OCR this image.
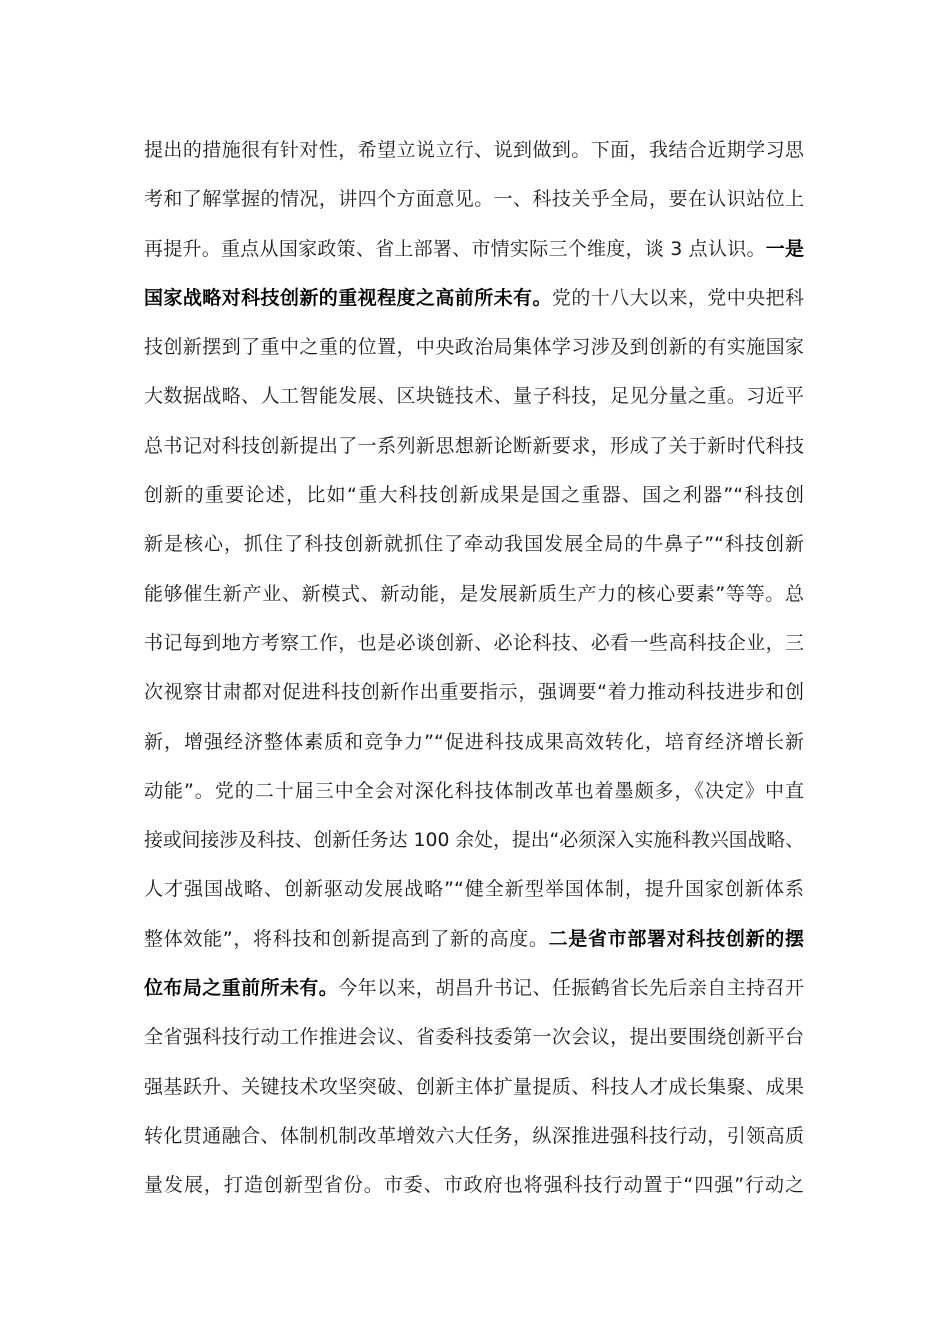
提出的措施很有针对性，希望立说立行、说到做到。下面，我结合近期学习思
考和了解掌握的情况，讲四个方面意见。一、科技关乎全局，要在认识站位上
再提升。重点从国家政策、省上部署、市情实际三个维度，谈 3 点认识。一是
国家战略对科技创新的重视程度之高前所未有。党的十八大以来，党中央把科
技创新摆到了重中之重的位置，中央政治局集体学习涉及到创新的有实施国家
大数据战略、人工智能发展、区块链技术、量子科技，足见分量之重。习近平
总书记对科技创新提出了一系列新思想新论断新要求，形成了关于新时代科技
创新的重要论述，比如“重大科技创新成果是国之重器、国之利器”“科技创
新是核心，抓住了科技创新就抓住了牵动我国发展全局的牛鼻子”“科技创新
能够催生新产业、新模式、新动能，是发展新质生产力的核心要素”等等。总
书记每到地方考察工作，也是必谈创新、必论科技、必看一些高科技企业，三
次视察甘肃都对促进科技创新作出重要指示，强调要“着力推动科技进步和创
新，增强经济整体素质和竞争力”“促进科技成果高效转化，培育经济增长新
动能”。党的二十届三中全会对深化科技体制改革也着墨颇多，《决定》中直
接或间接涉及科技、创新任务达 100 余处，提出“必须深入实施科教兴国战略、
人才强国战略、创新驱动发展战略”“健全新型举国体制，提升国家创新体系
整体效能”，将科技和创新提高到了新的高度。二是省市部署对科技创新的摆
位布局之重前所未有。今年以来，胡昌升书记、任振鹤省长先后亲自主持召开
全省强科技行动工作推进会议、省委科技委第一次会议，提出要围绕创新平台
强基跃升、关键技术攻坚突破、创新主体扩量提质、科技人才成长集聚、成果
转化贯通融合、体制机制改革增效六大任务，纵深推进强科技行动，引领高质
量发展，打造创新型省份。市委、市政府也将强科技行动置于“四强”行动之
